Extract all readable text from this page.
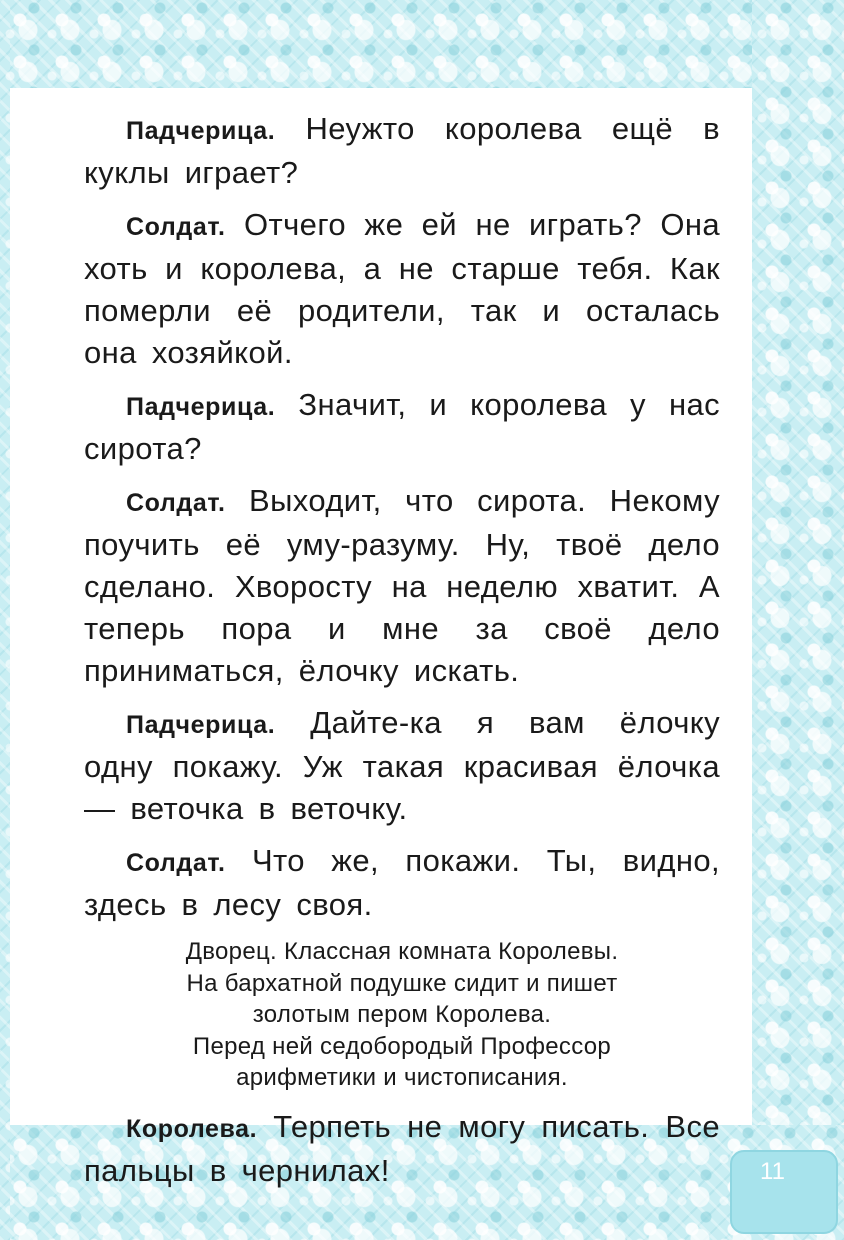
Падчерица. Неужто королева ещё в куклы играет?

Солдат. Отчего же ей не играть? Она хоть и королева, а не старше тебя. Как померли её родители, так и осталась она хозяйкой.

Падчерица. Значит, и королева у нас сирота?

Солдат. Выходит, что сирота. Некому поучить её уму-разуму. Ну, твоё дело сделано. Хворосту на неделю хватит. А теперь пора и мне за своё дело приниматься, ёлочку искать.

Падчерица. Дайте-ка я вам ёлочку одну покажу. Уж такая красивая ёлочка — веточка в веточку.

Солдат. Что же, покажи. Ты, видно, здесь в лесу своя.

Дворец. Классная комната Королевы.
На бархатной подушке сидит и пишет
золотым пером Королева.
Перед ней седобородый Профессор
арифметики и чистописания.

Королева. Терпеть не могу писать. Все пальцы в чернилах!	11
